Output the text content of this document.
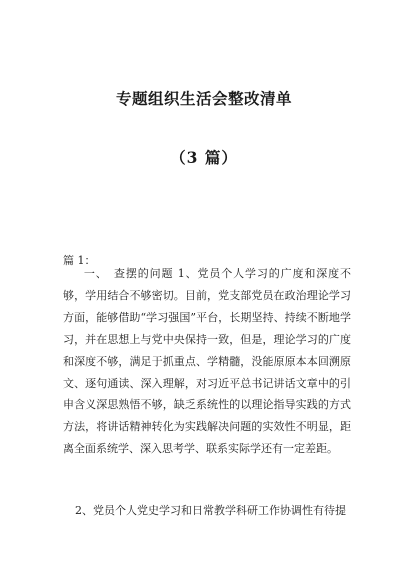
专题组织生活会整改清单
（3 篇）
篇 1：

一、　查摆的问题 1、党员个人学习的广度和深度不够，学用结合不够密切。目前，党支部党员在政治理论学习方面，能够借助“学习强国”平台，长期坚持、持续不断地学习，并在思想上与党中央保持一致，但是，理论学习的广度和深度不够，满足于抓重点、学精髓，没能原原本本回溯原文、逐句通读、深入理解，对习近平总书记讲话文章中的引申含义深思熟悟不够，缺乏系统性的以理论指导实践的方式方法，将讲话精神转化为实践解决问题的实效性不明显，距离全面系统学、深入思考学、联系实际学还有一定差距。

2、党员个人党史学习和日常教学科研工作协调性有待提
